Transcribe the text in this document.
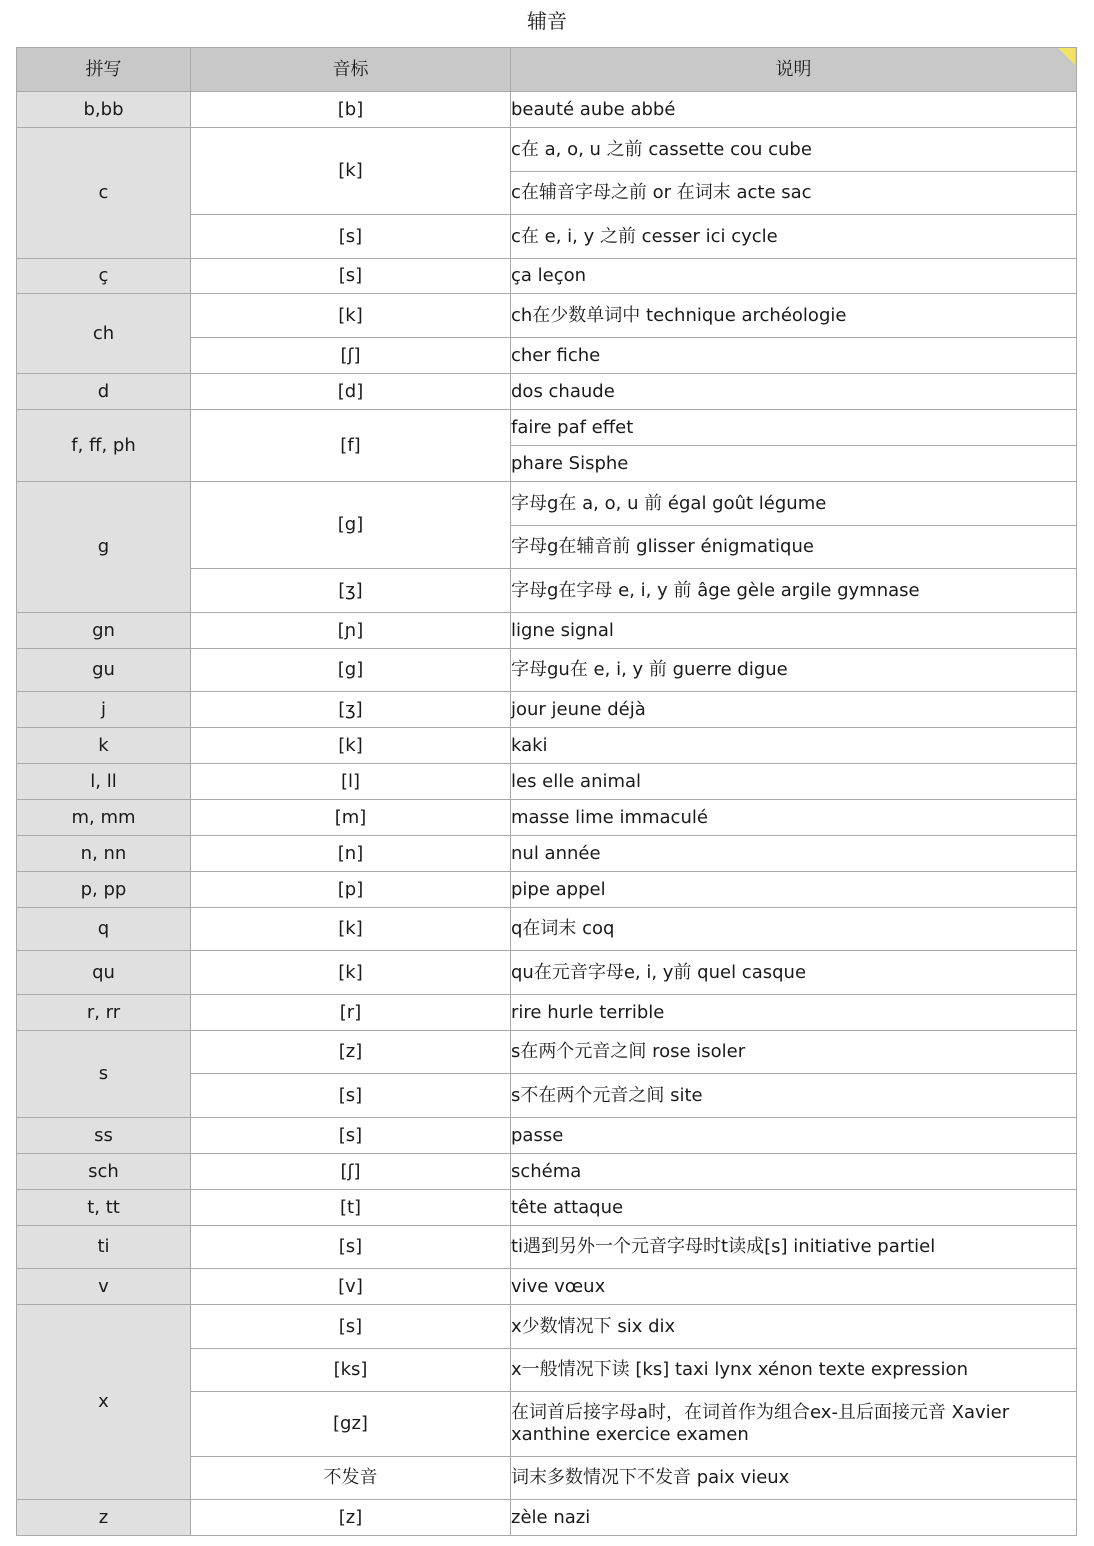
辅音
拼写	音标	说明
b,bb	[b]	beauté aube abbé
c	[k]	c在 a, o, u 之前 cassette cou cube
		c在辅音字母之前 or 在词末 acte sac
	[s]	c在 e, i, y 之前 cesser ici cycle
ç	[s]	ça leçon
ch	[k]	ch在少数单词中 technique archéologie
	[ʃ]	cher fiche
d	[d]	dos chaude
f, ff, ph	[f]	faire paf effet
		phare Sisphe
g	[g]	字母g在 a, o, u 前 égal goût légume
		字母g在辅音前 glisser énigmatique
	[ʒ]	字母g在字母 e, i, y 前 âge gèle argile gymnase
gn	[ɲ]	ligne signal
gu	[g]	字母gu在 e, i, y 前 guerre digue
j	[ʒ]	jour jeune déjà
k	[k]	kaki
l, ll	[l]	les elle animal
m, mm	[m]	masse lime immaculé
n, nn	[n]	nul année
p, pp	[p]	pipe appel
q	[k]	q在词末 coq
qu	[k]	qu在元音字母e, i, y前 quel casque
r, rr	[r]	rire hurle terrible
s	[z]	s在两个元音之间 rose isoler
	[s]	s不在两个元音之间 site
ss	[s]	passe
sch	[ʃ]	schéma
t, tt	[t]	tête attaque
ti	[s]	ti遇到另外一个元音字母时t读成[s] initiative partiel
v	[v]	vive vœux
x	[s]	x少数情况下 six dix
	[ks]	x一般情况下读 [ks] taxi lynx xénon texte expression
	[gz]	在词首后接字母a时，在词首作为组合ex-且后面接元音 Xavier xanthine exercice examen
	不发音	词末多数情况下不发音 paix vieux
z	[z]	zèle nazi
